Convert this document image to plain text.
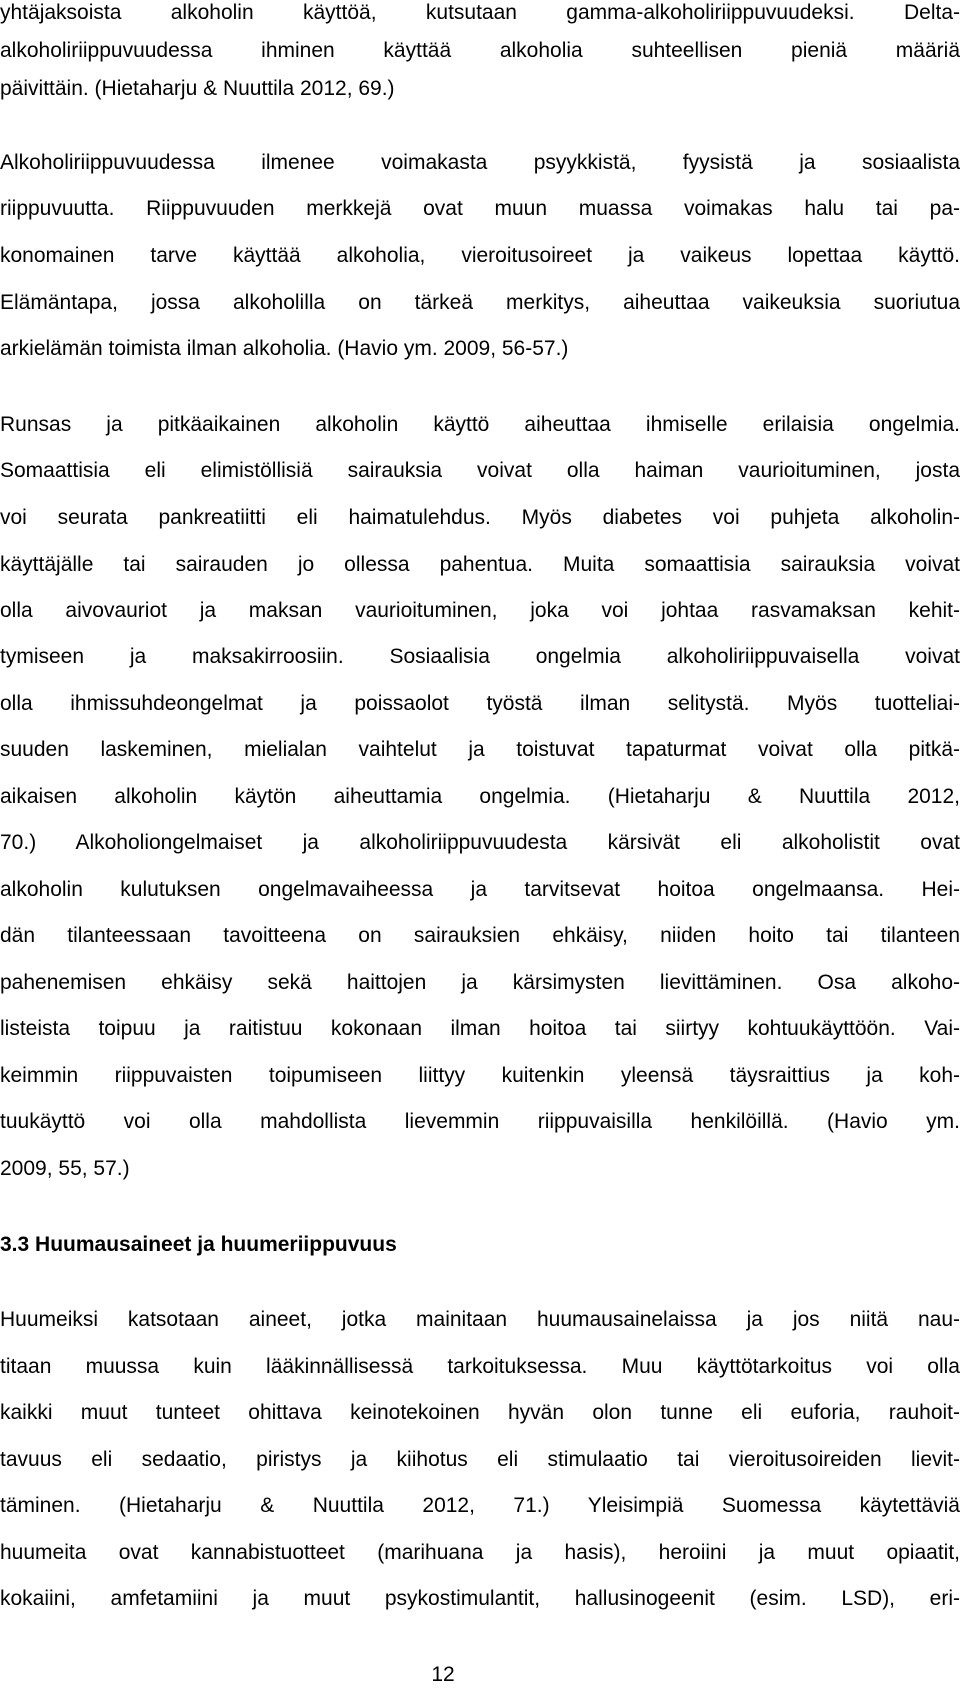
yhtäjaksoista alkoholin käyttöä, kutsutaan gamma-alkoholiriippuvuudeksi. Delta-
alkoholiriippuvuudessa ihminen käyttää alkoholia suhteellisen pieniä määriä
päivittäin. (Hietaharju & Nuuttila 2012, 69.)
Alkoholiriippuvuudessa ilmenee voimakasta psyykkistä, fyysistä ja sosiaalista
riippuvuutta. Riippuvuuden merkkejä ovat muun muassa voimakas halu tai pa-
konomainen tarve käyttää alkoholia, vieroitusoireet ja vaikeus lopettaa käyttö.
Elämäntapa, jossa alkoholilla on tärkeä merkitys, aiheuttaa vaikeuksia suoriutua
arkielämän toimista ilman alkoholia. (Havio ym. 2009, 56-57.)
Runsas ja pitkäaikainen alkoholin käyttö aiheuttaa ihmiselle erilaisia ongelmia.
Somaattisia eli elimistöllisiä sairauksia voivat olla haiman vaurioituminen, josta
voi seurata pankreatiitti eli haimatulehdus. Myös diabetes voi puhjeta alkoholin-
käyttäjälle tai sairauden jo ollessa pahentua. Muita somaattisia sairauksia voivat
olla aivovauriot ja maksan vaurioituminen, joka voi johtaa rasvamaksan kehit-
tymiseen ja maksakirroosiin. Sosiaalisia ongelmia alkoholiriippuvaisella voivat
olla ihmissuhdeongelmat ja poissaolot työstä ilman selitystä. Myös tuotteliai-
suuden laskeminen, mielialan vaihtelut ja toistuvat tapaturmat voivat olla pitkä-
aikaisen alkoholin käytön aiheuttamia ongelmia. (Hietaharju & Nuuttila 2012,
70.) Alkoholiongelmaiset ja alkoholiriippuvuudesta kärsivät eli alkoholistit ovat
alkoholin kulutuksen ongelmavaiheessa ja tarvitsevat hoitoa ongelmaansa. Hei-
dän tilanteessaan tavoitteena on sairauksien ehkäisy, niiden hoito tai tilanteen
pahenemisen ehkäisy sekä haittojen ja kärsimysten lievittäminen. Osa alkoho-
listeista toipuu ja raitistuu kokonaan ilman hoitoa tai siirtyy kohtuukäyttöön. Vai-
keimmin riippuvaisten toipumiseen liittyy kuitenkin yleensä täysraittius ja koh-
tuukäyttö voi olla mahdollista lievemmin riippuvaisilla henkilöillä. (Havio ym.
2009, 55, 57.)
3.3 Huumausaineet ja huumeriippuvuus
Huumeiksi katsotaan aineet, jotka mainitaan huumausainelaissa ja jos niitä nau-
titaan muussa kuin lääkinnällisessä tarkoituksessa. Muu käyttötarkoitus voi olla
kaikki muut tunteet ohittava keinotekoinen hyvän olon tunne eli euforia, rauhoit-
tavuus eli sedaatio, piristys ja kiihotus eli stimulaatio tai vieroitusoireiden lievit-
täminen. (Hietaharju & Nuuttila 2012, 71.) Yleisimpiä Suomessa käytettäviä
huumeita ovat kannabistuotteet (marihuana ja hasis), heroiini ja muut opiaatit,
kokaiini, amfetamiini ja muut psykostimulantit, hallusinogeenit (esim. LSD), eri-
12
